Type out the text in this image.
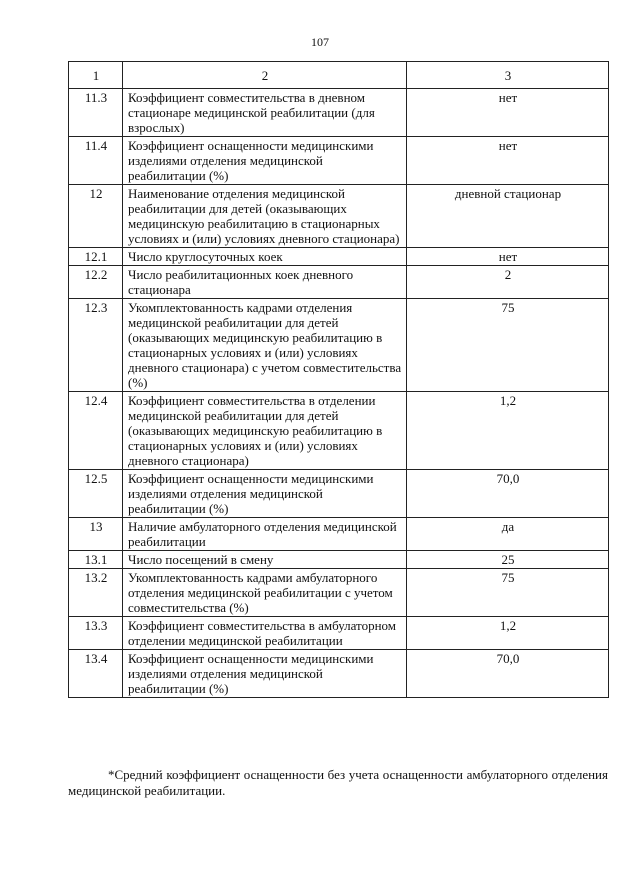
107
1	2	3
11.3	Коэффициент совместительства в дневном стационаре медицинской реабилитации (для взрослых)	нет
11.4	Коэффициент оснащенности медицинскими изделиями отделения медицинской реабилитации (%)	нет
12	Наименование отделения медицинской реабилитации для детей (оказывающих медицинскую реабилитацию в стационарных условиях и (или) условиях дневного стационара)	дневной стационар
12.1	Число круглосуточных коек	нет
12.2	Число реабилитационных коек дневного стационара	2
12.3	Укомплектованность кадрами отделения медицинской реабилитации для детей (оказывающих медицинскую реабилитацию в стационарных условиях и (или) условиях дневного стационара) с учетом совместительства (%)	75
12.4	Коэффициент совместительства в отделении медицинской реабилитации для детей (оказывающих медицинскую реабилитацию в стационарных условиях и (или) условиях дневного стационара)	1,2
12.5	Коэффициент оснащенности медицинскими изделиями отделения медицинской реабилитации (%)	70,0
13	Наличие амбулаторного отделения медицинской реабилитации	да
13.1	Число посещений в смену	25
13.2	Укомплектованность кадрами амбулаторного отделения медицинской реабилитации с учетом совместительства (%)	75
13.3	Коэффициент совместительства в амбулаторном отделении медицинской реабилитации	1,2
13.4	Коэффициент оснащенности медицинскими изделиями отделения медицинской реабилитации (%)	70,0
*Средний коэффициент оснащенности без учета оснащенности амбулаторного отделения медицинской реабилитации.
